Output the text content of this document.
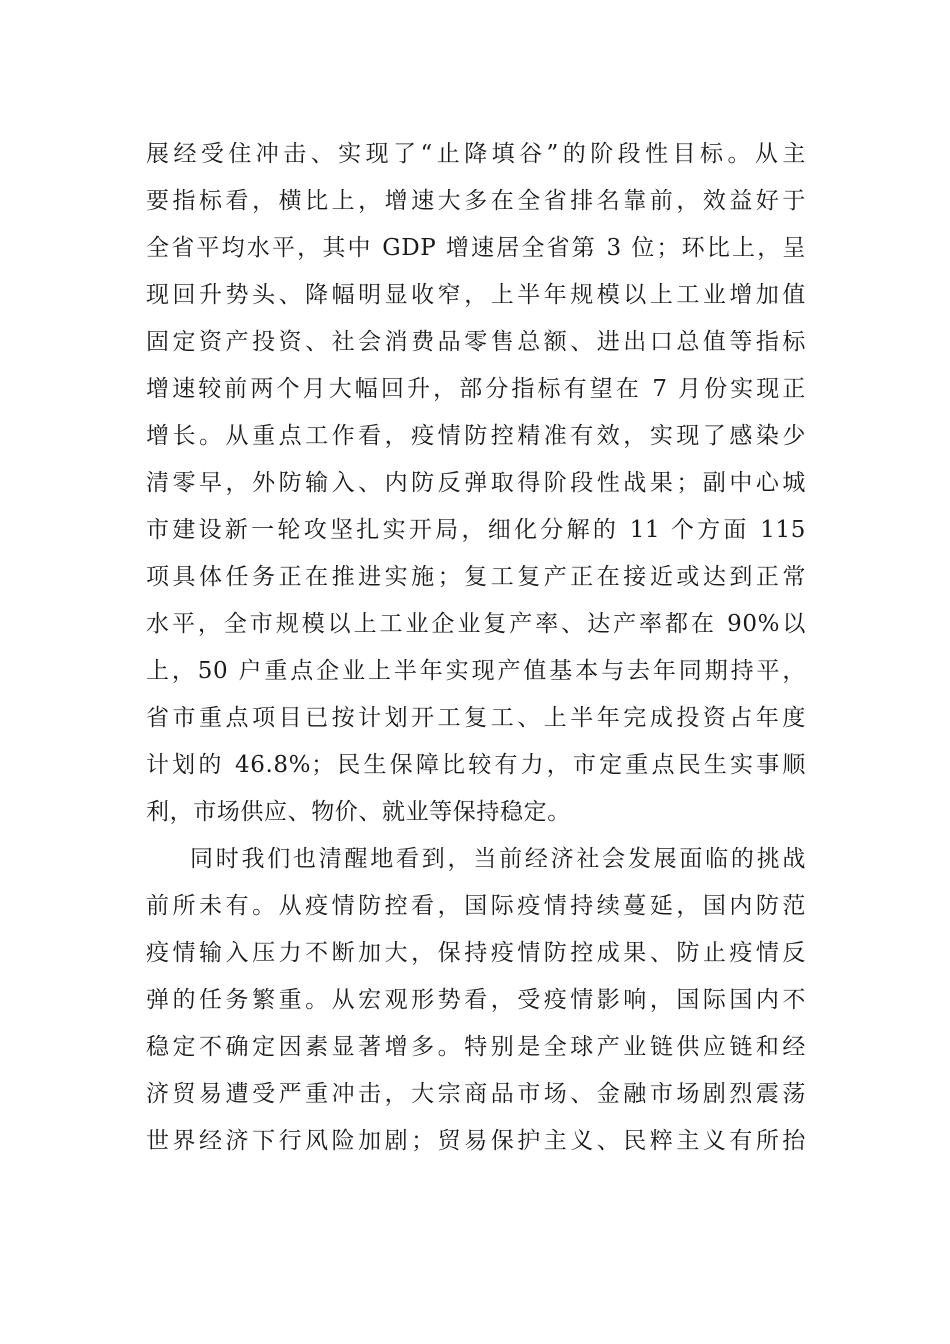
展经受住冲击、实现了“止降填谷”的阶段性目标。从主
要指标看，横比上，增速大多在全省排名靠前，效益好于
全省平均水平，其中 GDP 增速居全省第 3 位；环比上，呈
现回升势头、降幅明显收窄，上半年规模以上工业增加值
固定资产投资、社会消费品零售总额、进出口总值等指标
增速较前两个月大幅回升，部分指标有望在 7 月份实现正
增长。从重点工作看，疫情防控精准有效，实现了感染少
清零早，外防输入、内防反弹取得阶段性战果；副中心城
市建设新一轮攻坚扎实开局，细化分解的 11 个方面 115
项具体任务正在推进实施；复工复产正在接近或达到正常
水平，全市规模以上工业企业复产率、达产率都在 90%以
上，50 户重点企业上半年实现产值基本与去年同期持平，
省市重点项目已按计划开工复工、上半年完成投资占年度
计划的 46.8%；民生保障比较有力，市定重点民生实事顺
利，市场供应、物价、就业等保持稳定。
同时我们也清醒地看到，当前经济社会发展面临的挑战
前所未有。从疫情防控看，国际疫情持续蔓延，国内防范
疫情输入压力不断加大，保持疫情防控成果、防止疫情反
弹的任务繁重。从宏观形势看，受疫情影响，国际国内不
稳定不确定因素显著增多。特别是全球产业链供应链和经
济贸易遭受严重冲击，大宗商品市场、金融市场剧烈震荡
世界经济下行风险加剧；贸易保护主义、民粹主义有所抬
